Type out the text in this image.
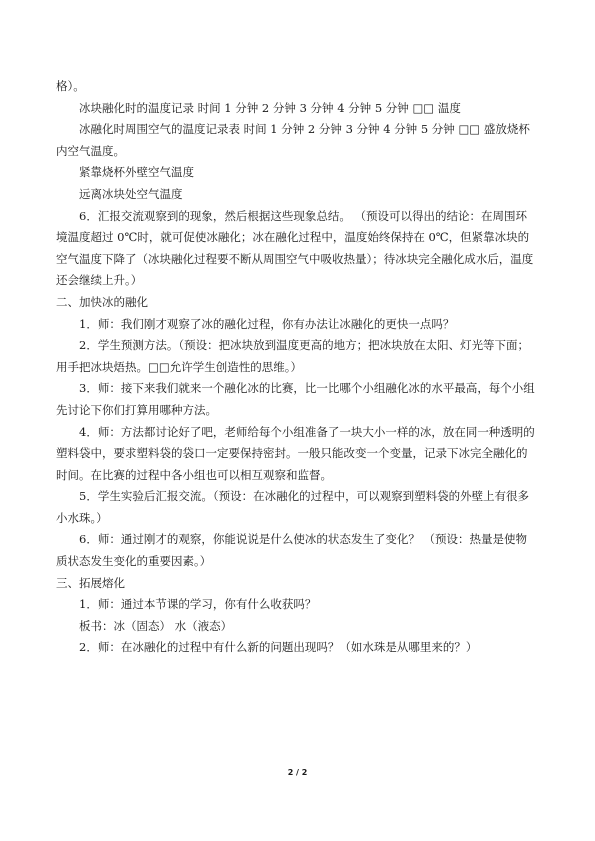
格）。

冰块融化时的温度记录 时间 1 分钟 2 分钟 3 分钟 4 分钟 5 分钟 □□ 温度

冰融化时周围空气的温度记录表 时间 1 分钟 2 分钟 3 分钟 4 分钟 5 分钟 □□ 盛放烧杯内空气温度。

紧靠烧杯外壁空气温度

远离冰块处空气温度

6．汇报交流观察到的现象，然后根据这些现象总结。 （预设可以得出的结论：在周围环境温度超过 0℃时，就可促使冰融化；冰在融化过程中，温度始终保持在 0℃，但紧靠冰块的空气温度下降了（冰块融化过程要不断从周围空气中吸收热量）；待冰块完全融化成水后，温度还会继续上升。）

二、加快冰的融化

1．师：我们刚才观察了冰的融化过程，你有办法让冰融化的更快一点吗？

2．学生预测方法。（预设：把冰块放到温度更高的地方；把冰块放在太阳、灯光等下面；用手把冰块焐热。□□允许学生创造性的思维。）

3．师：接下来我们就来一个融化冰的比赛，比一比哪个小组融化冰的水平最高，每个小组先讨论下你们打算用哪种方法。

4．师：方法都讨论好了吧，老师给每个小组准备了一块大小一样的冰，放在同一种透明的塑料袋中，要求塑料袋的袋口一定要保持密封。一般只能改变一个变量，记录下冰完全融化的时间。在比赛的过程中各小组也可以相互观察和监督。

5．学生实验后汇报交流。（预设：在冰融化的过程中，可以观察到塑料袋的外壁上有很多小水珠。）

6．师：通过刚才的观察，你能说说是什么使冰的状态发生了变化？ （预设：热量是使物质状态发生变化的重要因素。）

三、拓展熔化

1．师：通过本节课的学习，你有什么收获吗？

板书：冰（固态） 水（液态）

2．师：在冰融化的过程中有什么新的问题出现吗？（如水珠是从哪里来的？）

2 / 2
